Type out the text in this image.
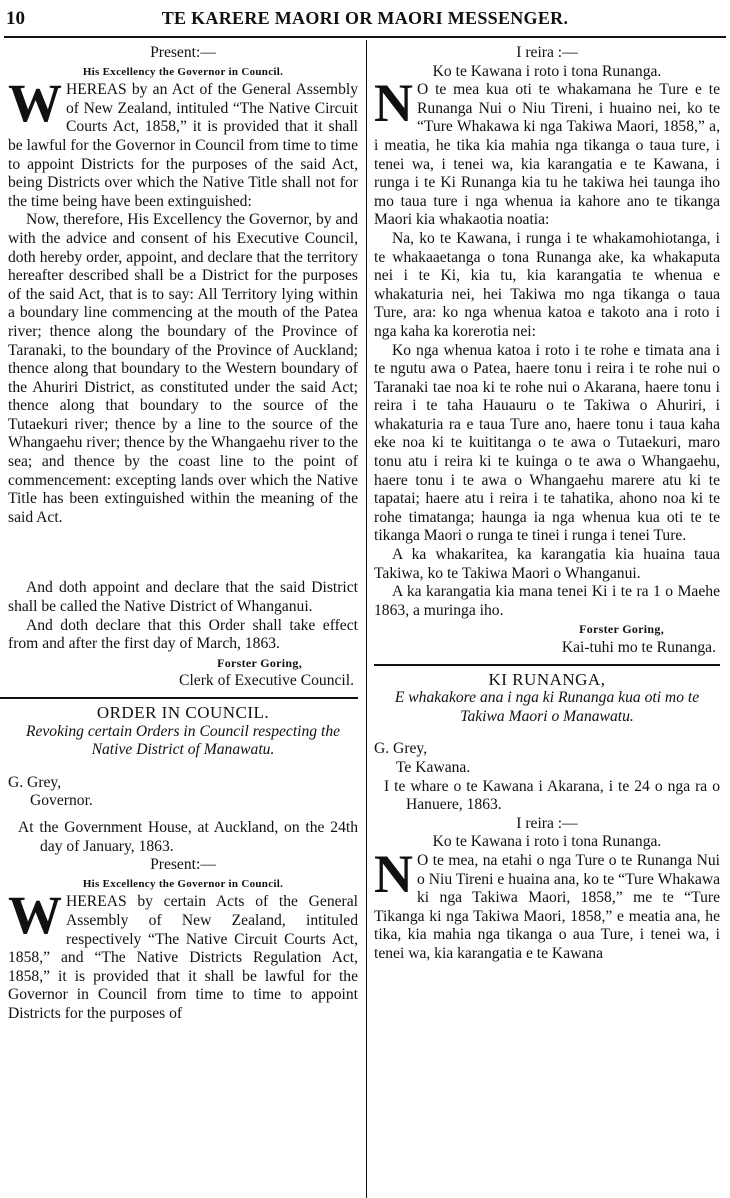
10	TE KARERE MAORI OR MAORI MESSENGER.

Present:—

His Excellency the Governor in Council.

WHEREAS by an Act of the General Assembly of New Zealand, intituled “The Native Circuit Courts Act, 1858,” it is provided that it shall be lawful for the Governor in Council from time to time to appoint Districts for the purposes of the said Act, being Districts over which the Native Title shall not for the time being have been extinguished:

Now, therefore, His Excellency the Governor, by and with the advice and consent of his Executive Council, doth hereby order, appoint, and declare that the territory hereafter described shall be a District for the purposes of the said Act, that is to say: All Territory lying within a boundary line commencing at the mouth of the Patea river; thence along the boundary of the Province of Taranaki, to the boundary of the Province of Auckland; thence along that boundary to the Western boundary of the Ahuriri District, as constituted under the said Act; thence along that boundary to the source of the Tutaekuri river; thence by a line to the source of the Whangaehu river; thence by the Whangaehu river to the sea; and thence by the coast line to the point of commencement: excepting lands over which the Native Title has been extinguished within the meaning of the said Act.

And doth appoint and declare that the said District shall be called the Native District of Whanganui.

And doth declare that this Order shall take effect from and after the first day of March, 1863.

Forster Goring,

Clerk of Executive Council.

ORDER IN COUNCIL.

Revoking certain Orders in Council respecting the Native District of Manawatu.

G. Grey,

Governor.

At the Government House, at Auckland, on the 24th day of January, 1863.

Present:—

His Excellency the Governor in Council.

WHEREAS by certain Acts of the General Assembly of New Zealand, intituled respectively “The Native Circuit Courts Act, 1858,” and “The Native Districts Regulation Act, 1858,” it is provided that it shall be lawful for the Governor in Council from time to time to appoint Districts for the purposes of

I reira :—

Ko te Kawana i roto i tona Runanga.

N O te mea kua oti te whakamana he Ture e te Runanga Nui o Niu Tireni, i huaino nei, ko te “Ture Whakawa ki nga Takiwa Maori, 1858,” a, i meatia, he tika kia mahia nga tikanga o taua ture, i tenei wa, i tenei wa, kia karangatia e te Kawana, i runga i te Ki Runanga kia tu he takiwa hei taunga iho mo taua ture i nga whenua ia kahore ano te tikanga Maori kia whakaotia noatia:

Na, ko te Kawana, i runga i te whakamohiotanga, i te whakaaetanga o tona Runanga ake, ka whakaputa nei i te Ki, kia tu, kia karangatia te whenua e whakaturia nei, hei Takiwa mo nga tikanga o taua Ture, ara: ko nga whenua katoa e takoto ana i roto i nga kaha ka korerotia nei:

Ko nga whenua katoa i roto i te rohe e timata ana i te ngutu awa o Patea, haere tonu i reira i te rohe nui o Taranaki tae noa ki te rohe nui o Akarana, haere tonu i reira i te taha Hauauru o te Takiwa o Ahuriri, i whakaturia ra e taua Ture ano, haere tonu i taua kaha eke noa ki te kuititanga o te awa o Tutaekuri, maro tonu atu i reira ki te kuinga o te awa o Whangaehu, haere tonu i te awa o Whangaehu marere atu ki te tapatai; haere atu i reira i te tahatika, ahono noa ki te rohe timatanga; haunga ia nga whenua kua oti te te tikanga Maori o runga te tinei i runga i tenei Ture.

A ka whakaritea, ka karangatia kia huaina taua Takiwa, ko te Takiwa Maori o Whanganui.

A ka karangatia kia mana tenei Ki i te ra 1 o Maehe 1863, a muringa iho.

Forster Goring,

Kai-tuhi mo te Runanga.

KI RUNANGA,

E whakakore ana i nga ki Runanga kua oti mo te Takiwa Maori o Manawatu.

G. Grey,

Te Kawana.

I te whare o te Kawana i Akarana, i te 24 o nga ra o Hanuere, 1863.

I reira :—

Ko te Kawana i roto i tona Runanga.

N O te mea, na etahi o nga Ture o te Runanga Nui o Niu Tireni e huaina ana, ko te “Ture Whakawa ki nga Takiwa Maori, 1858,” me te “Ture Tikanga ki nga Takiwa Maori, 1858,” e meatia ana, he tika, kia mahia nga tikanga o aua Ture, i tenei wa, i tenei wa, kia karangatia e te Kawana
